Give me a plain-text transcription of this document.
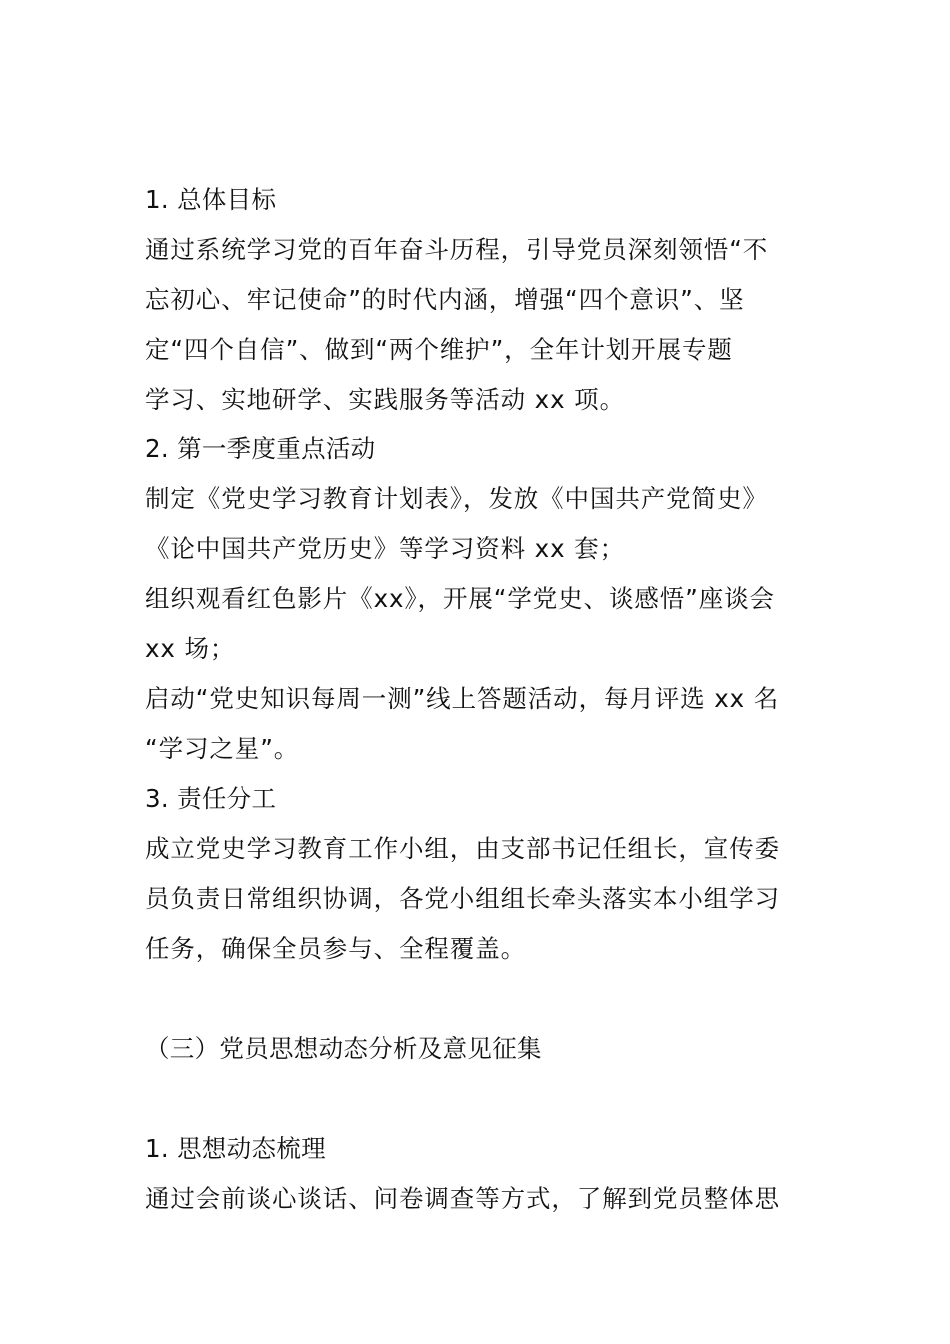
1. 总体目标
通过系统学习党的百年奋斗历程，引导党员深刻领悟“不
忘初心、牢记使命”的时代内涵，增强“四个意识”、坚
定“四个自信”、做到“两个维护”，全年计划开展专题
学习、实地研学、实践服务等活动 xx 项。
2. 第一季度重点活动
制定《党史学习教育计划表》，发放《中国共产党简史》
《论中国共产党历史》等学习资料 xx 套；
组织观看红色影片《xx》，开展“学党史、谈感悟”座谈会
xx 场；
启动“党史知识每周一测”线上答题活动，每月评选 xx 名
“学习之星”。
3. 责任分工
成立党史学习教育工作小组，由支部书记任组长，宣传委
员负责日常组织协调，各党小组组长牵头落实本小组学习
任务，确保全员参与、全程覆盖。
（三）党员思想动态分析及意见征集
1. 思想动态梳理
通过会前谈心谈话、问卷调查等方式，了解到党员整体思
